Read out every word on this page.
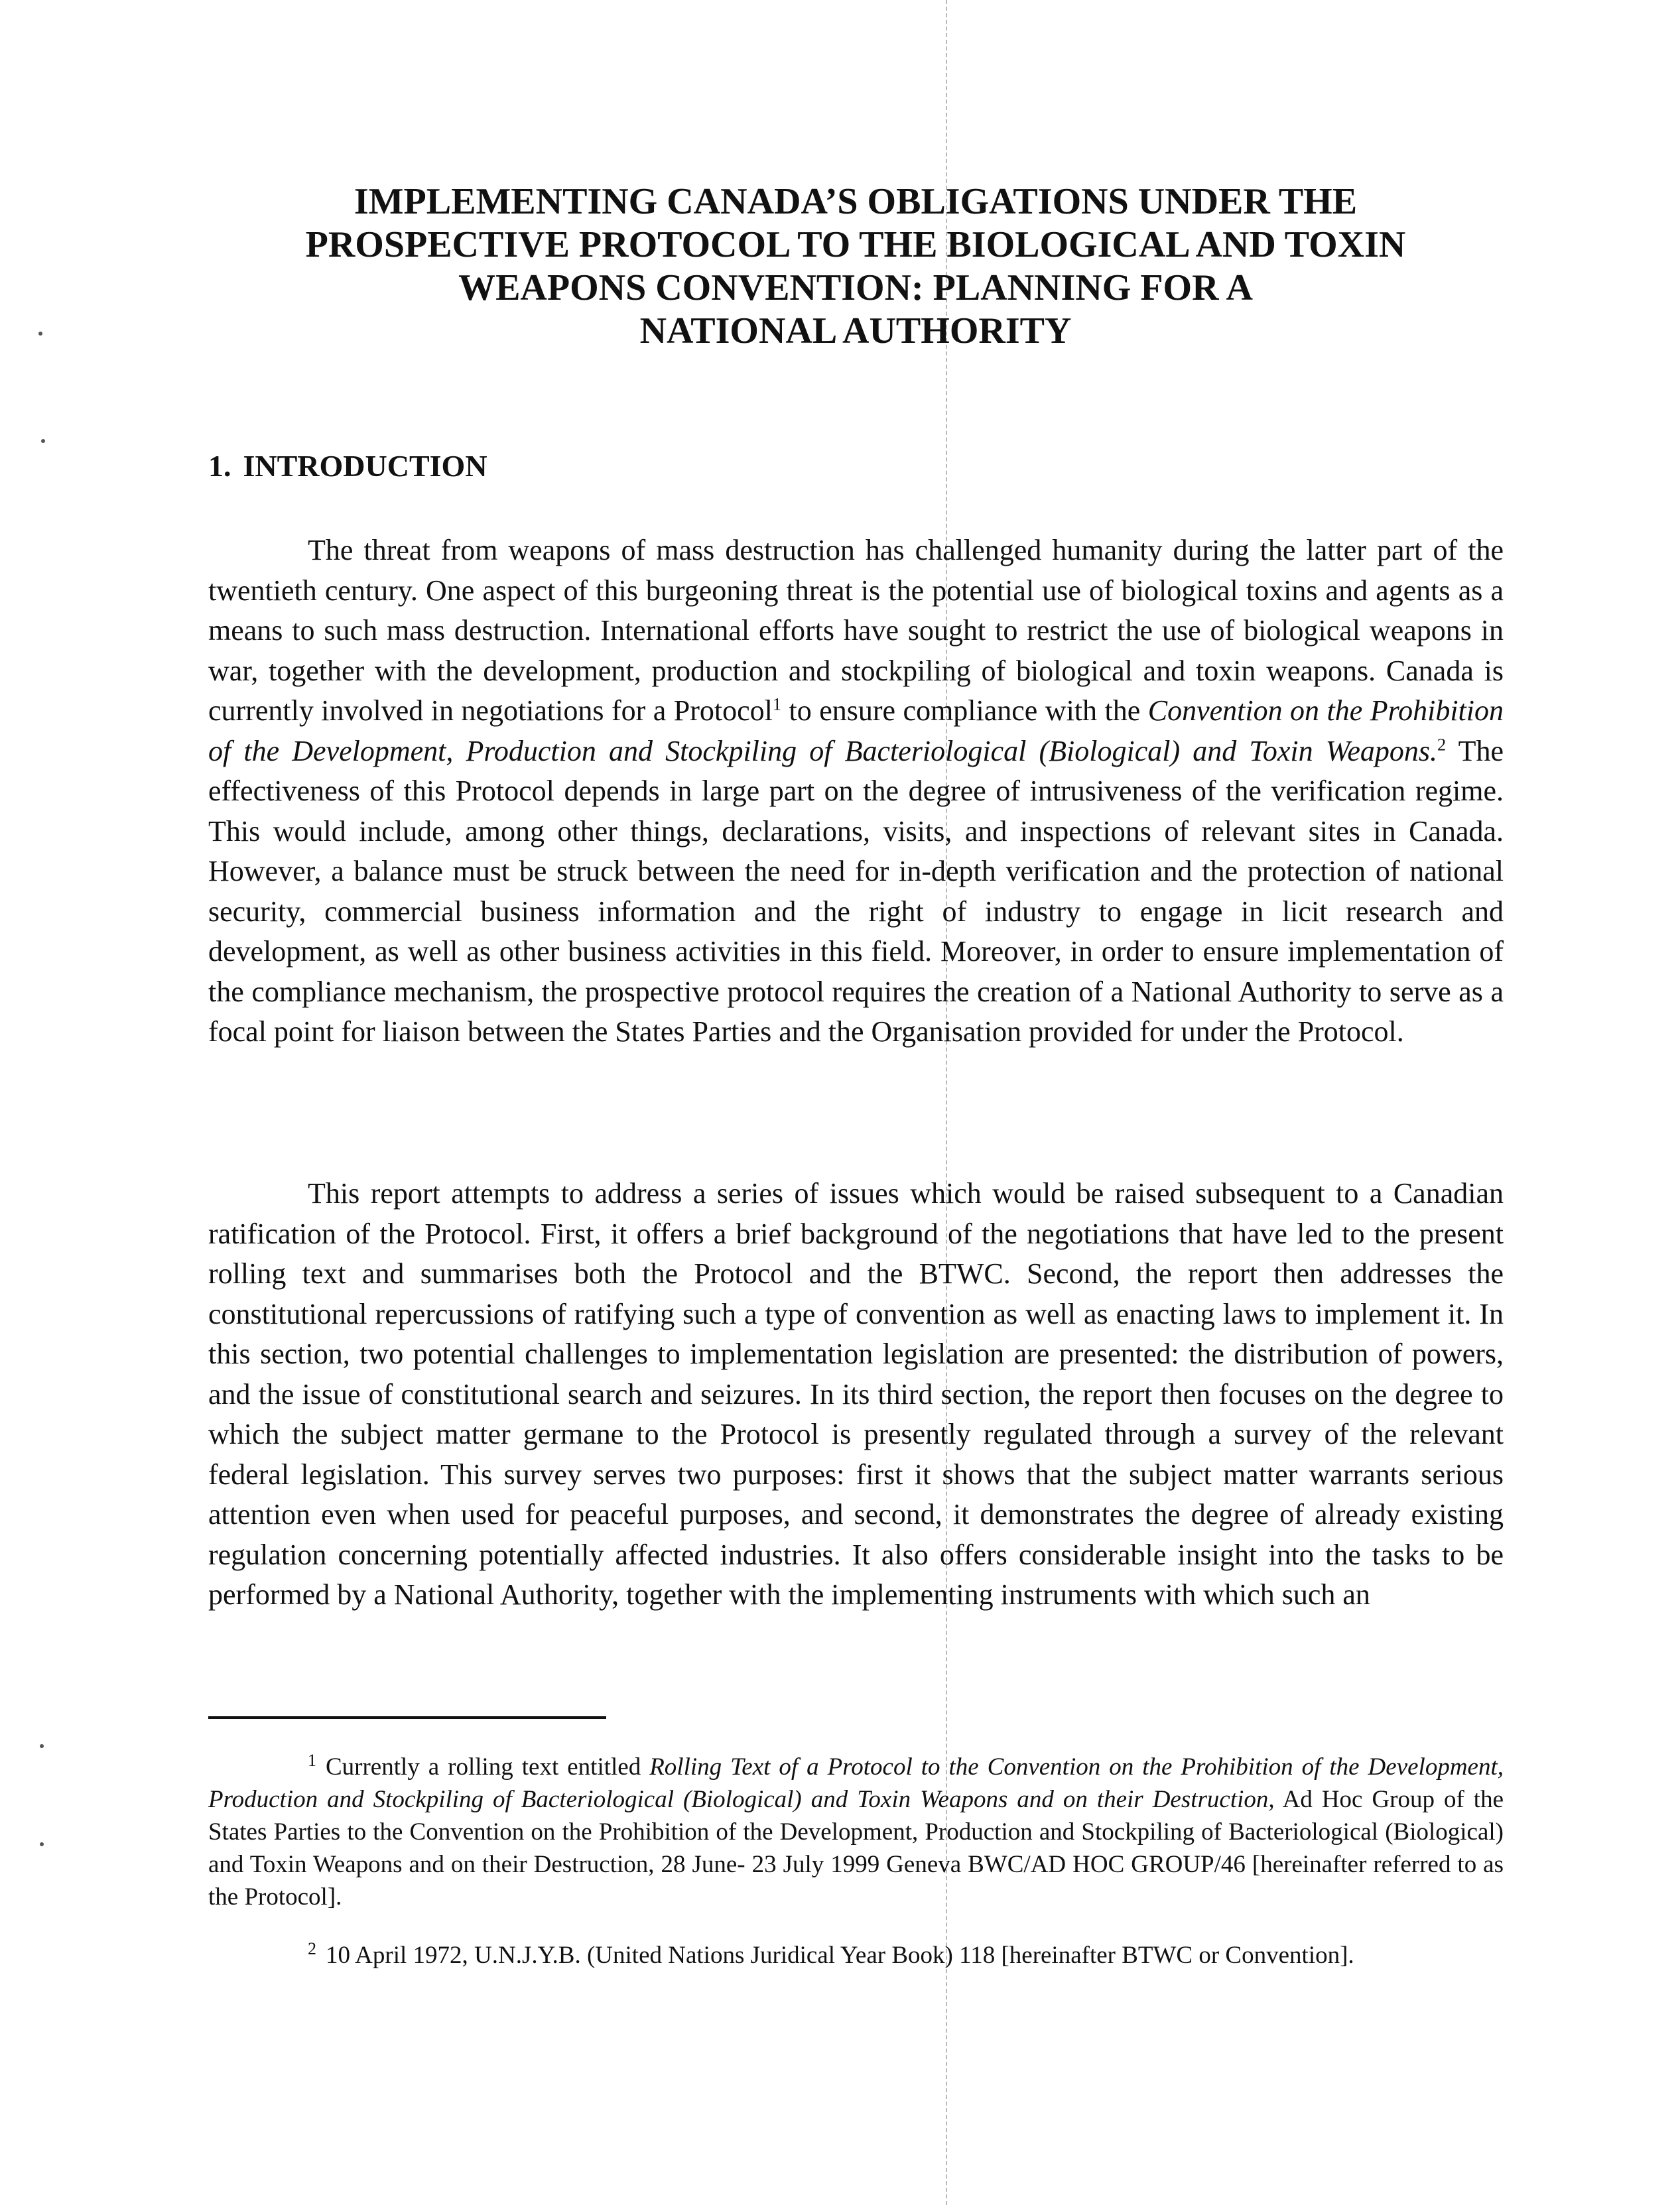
IMPLEMENTING CANADA’S OBLIGATIONS UNDER THE
PROSPECTIVE PROTOCOL TO THE BIOLOGICAL AND TOXIN
WEAPONS CONVENTION: PLANNING FOR A
NATIONAL AUTHORITY
1. INTRODUCTION

The threat from weapons of mass destruction has challenged humanity during the latter part of the twentieth century. One aspect of this burgeoning threat is the potential use of biological toxins and agents as a means to such mass destruction. International efforts have sought to restrict the use of biological weapons in war, together with the development, production and stockpiling of biological and toxin weapons. Canada is currently involved in negotiations for a Protocol$^1$ to ensure compliance with the Convention on the Prohibition of the Development, Production and Stockpiling of Bacteriological (Biological) and Toxin Weapons.$^2$ The effectiveness of this Protocol depends in large part on the degree of intrusiveness of the verification regime. This would include, among other things, declarations, visits, and inspections of relevant sites in Canada. However, a balance must be struck between the need for in-depth verification and the protection of national security, commercial business information and the right of industry to engage in licit research and development, as well as other business activities in this field. Moreover, in order to ensure implementation of the compliance mechanism, the prospective protocol requires the creation of a National Authority to serve as a focal point for liaison between the States Parties and the Organisation provided for under the Protocol.

This report attempts to address a series of issues which would be raised subsequent to a Canadian ratification of the Protocol. First, it offers a brief background of the negotiations that have led to the present rolling text and summarises both the Protocol and the BTWC. Second, the report then addresses the constitutional repercussions of ratifying such a type of convention as well as enacting laws to implement it. In this section, two potential challenges to implementation legislation are presented: the distribution of powers, and the issue of constitutional search and seizures. In its third section, the report then focuses on the degree to which the subject matter germane to the Protocol is presently regulated through a survey of the relevant federal legislation. This survey serves two purposes: first it shows that the subject matter warrants serious attention even when used for peaceful purposes, and second, it demonstrates the degree of already existing regulation concerning potentially affected industries. It also offers considerable insight into the tasks to be performed by a National Authority, together with the implementing instruments with which such an

$^1$ Currently a rolling text entitled Rolling Text of a Protocol to the Convention on the Prohibition of the Development, Production and Stockpiling of Bacteriological (Biological) and Toxin Weapons and on their Destruction, Ad Hoc Group of the States Parties to the Convention on the Prohibition of the Development, Production and Stockpiling of Bacteriological (Biological) and Toxin Weapons and on their Destruction, 28 June- 23 July 1999 Geneva BWC/AD HOC GROUP/46 [hereinafter referred to as the Protocol].

$^2$ 10 April 1972, U.N.J.Y.B. (United Nations Juridical Year Book) 118 [hereinafter BTWC or Convention].
